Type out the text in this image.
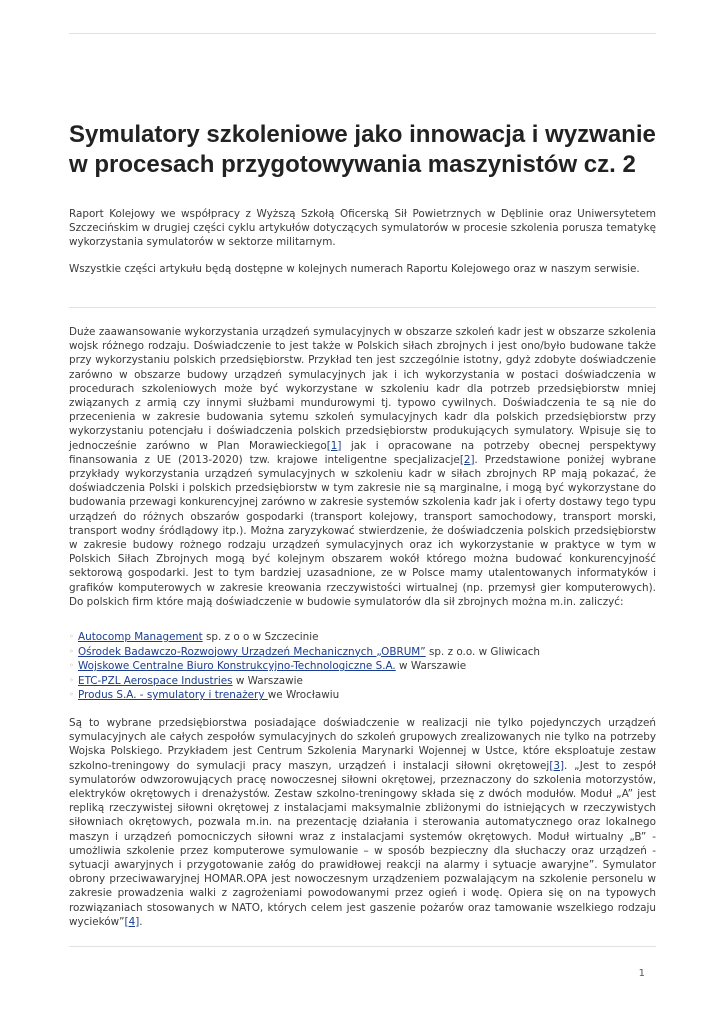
Symulatory szkoleniowe jako innowacja i wyzwanie w procesach przygotowywania maszynistów cz. 2

Raport Kolejowy we współpracy z Wyższą Szkołą Oficerską Sił Powietrznych w Dęblinie oraz Uniwersytetem Szczecińskim w drugiej części cyklu artykułów dotyczących symulatorów w procesie szkolenia porusza tematykę wykorzystania symulatorów w sektorze militarnym.

Wszystkie części artykułu będą dostępne w kolejnych numerach Raportu Kolejowego oraz w naszym serwisie.

Duże zaawansowanie wykorzystania urządzeń symulacyjnych w obszarze szkoleń kadr jest w obszarze szkolenia wojsk różnego rodzaju. Doświadczenie to jest także w Polskich siłach zbrojnych i jest ono/było budowane także przy wykorzystaniu polskich przedsiębiorstw. Przykład ten jest szczególnie istotny, gdyż zdobyte doświadczenie zarówno w obszarze budowy urządzeń symulacyjnych jak i ich wykorzystania w postaci doświadczenia w procedurach szkoleniowych może być wykorzystane w szkoleniu kadr dla potrzeb przedsiębiorstw mniej związanych z armią czy innymi służbami mundurowymi tj. typowo cywilnych. Doświadczenia te są nie do przecenienia w zakresie budowania sytemu szkoleń symulacyjnych kadr dla polskich przedsiębiorstw przy wykorzystaniu potencjału i doświadczenia polskich przedsiębiorstw produkujących symulatory. Wpisuje się to jednocześnie zarówno w Plan Morawieckiego[1] jak i opracowane na potrzeby obecnej perspektywy finansowania z UE (2013-2020) tzw. krajowe inteligentne specjalizacje[2]. Przedstawione poniżej wybrane przykłady wykorzystania urządzeń symulacyjnych w szkoleniu kadr w siłach zbrojnych RP mają pokazać, że doświadczenia Polski i polskich przedsiębiorstw w tym zakresie nie są marginalne, i mogą być wykorzystane do budowania przewagi konkurencyjnej zarówno w zakresie systemów szkolenia kadr jak i oferty dostawy tego typu urządzeń do różnych obszarów gospodarki (transport kolejowy, transport samochodowy, transport morski, transport wodny śródlądowy itp.). Można zaryzykować stwierdzenie, że doświadczenia polskich przedsiębiorstw w zakresie budowy rożnego rodzaju urządzeń symulacyjnych oraz ich wykorzystanie w praktyce w tym w Polskich Siłach Zbrojnych mogą być kolejnym obszarem wokół którego można budować konkurencyjność sektorową gospodarki. Jest to tym bardziej uzasadnione, ze w Polsce mamy utalentowanych informatyków i grafików komputerowych w zakresie kreowania rzeczywistości wirtualnej (np. przemysł gier komputerowych). Do polskich firm które mają doświadczenie w budowie symulatorów dla sił zbrojnych można m.in. zaliczyć:

◦ Autocomp Management sp. z o o w Szczecinie
◦ Ośrodek Badawczo-Rozwojowy Urządzeń Mechanicznych „OBRUM” sp. z o.o. w Gliwicach
◦ Wojskowe Centralne Biuro Konstrukcyjno-Technologiczne S.A. w Warszawie
◦ ETC-PZL Aerospace Industries w Warszawie
◦ Produs S.A. - symulatory i trenażery we Wrocławiu

Są to wybrane przedsiębiorstwa posiadające doświadczenie w realizacji nie tylko pojedynczych urządzeń symulacyjnych ale całych zespołów symulacyjnych do szkoleń grupowych zrealizowanych nie tylko na potrzeby Wojska Polskiego. Przykładem jest Centrum Szkolenia Marynarki Wojennej w Ustce, które eksploatuje zestaw szkolno-treningowy do symulacji pracy maszyn, urządzeń i instalacji siłowni okrętowej[3]. „Jest to zespół symulatorów odwzorowujących pracę nowoczesnej siłowni okrętowej, przeznaczony do szkolenia motorzystów, elektryków okrętowych i drenażystów. Zestaw szkolno-treningowy składa się z dwóch modułów. Moduł „A” jest repliką rzeczywistej siłowni okrętowej z instalacjami maksymalnie zbliżonymi do istniejących w rzeczywistych siłowniach okrętowych, pozwala m.in. na prezentację działania i sterowania automatycznego oraz lokalnego maszyn i urządzeń pomocniczych siłowni wraz z instalacjami systemów okrętowych. Moduł wirtualny „B” - umożliwia szkolenie przez komputerowe symulowanie – w sposób bezpieczny dla słuchaczy oraz urządzeń - sytuacji awaryjnych i przygotowanie załóg do prawidłowej reakcji na alarmy i sytuacje awaryjne”. Symulator obrony przeciwawaryjnej HOMAR.OPA jest nowoczesnym urządzeniem pozwalającym na szkolenie personelu w zakresie prowadzenia walki z zagrożeniami powodowanymi przez ogień i wodę. Opiera się on na typowych rozwiązaniach stosowanych w NATO, których celem jest gaszenie pożarów oraz tamowanie wszelkiego rodzaju wycieków”[4].

1
